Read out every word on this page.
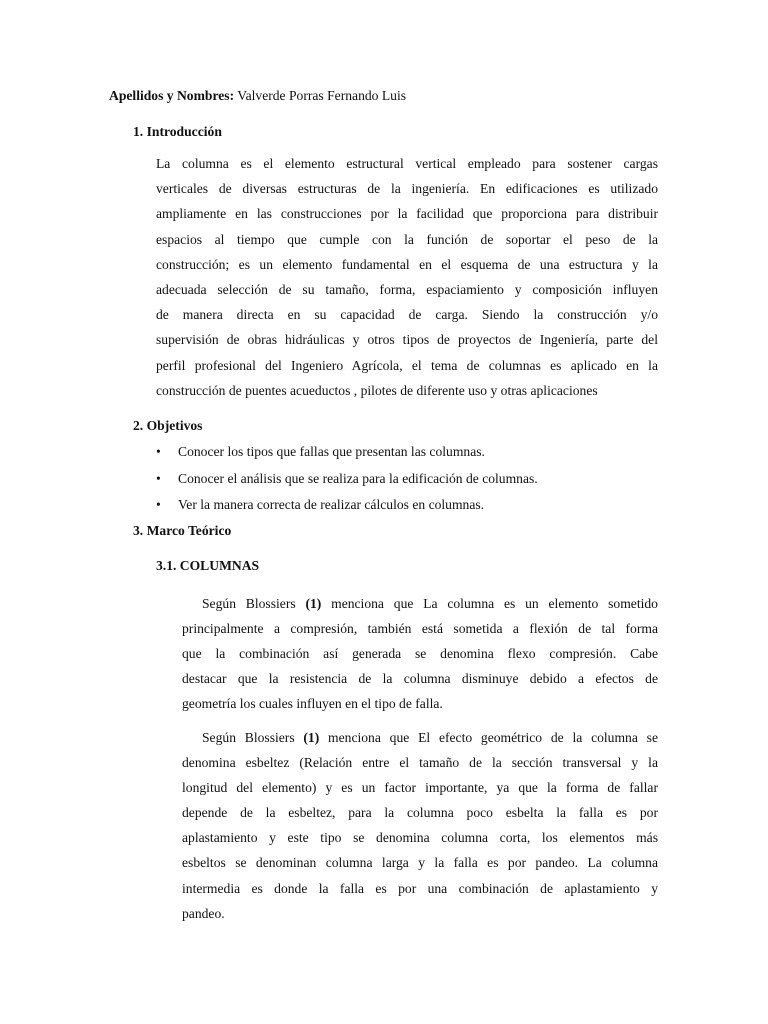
Apellidos y Nombres: Valverde Porras Fernando Luis

1. Introducción

La columna es el elemento estructural vertical empleado para sostener cargas

verticales de diversas estructuras de la ingeniería. En edificaciones es utilizado

ampliamente en las construcciones por la facilidad que proporciona para distribuir

espacios al tiempo que cumple con la función de soportar el peso de la

construcción; es un elemento fundamental en el esquema de una estructura y la

adecuada selección de su tamaño, forma, espaciamiento y composición influyen

de manera directa en su capacidad de carga. Siendo la construcción y/o

supervisión de obras hidráulicas y otros tipos de proyectos de Ingeniería, parte del

perfil profesional del Ingeniero Agrícola, el tema de columnas es aplicado en la

construcción de puentes acueductos , pilotes de diferente uso y otras aplicaciones

2. Objetivos

• Conocer los tipos que fallas que presentan las columnas.
• Conocer el análisis que se realiza para la edificación de columnas.
• Ver la manera correcta de realizar cálculos en columnas.

3. Marco Teórico

3.1. COLUMNAS

Según Blossiers (1) menciona que La columna es un elemento sometido

principalmente a compresión, también está sometida a flexión de tal forma

que la combinación así generada se denomina flexo compresión. Cabe

destacar que la resistencia de la columna disminuye debido a efectos de

geometría los cuales influyen en el tipo de falla.

Según Blossiers (1) menciona que El efecto geométrico de la columna se

denomina esbeltez (Relación entre el tamaño de la sección transversal y la

longitud del elemento) y es un factor importante, ya que la forma de fallar

depende de la esbeltez, para la columna poco esbelta la falla es por

aplastamiento y este tipo se denomina columna corta, los elementos más

esbeltos se denominan columna larga y la falla es por pandeo. La columna

intermedia es donde la falla es por una combinación de aplastamiento y

pandeo.
